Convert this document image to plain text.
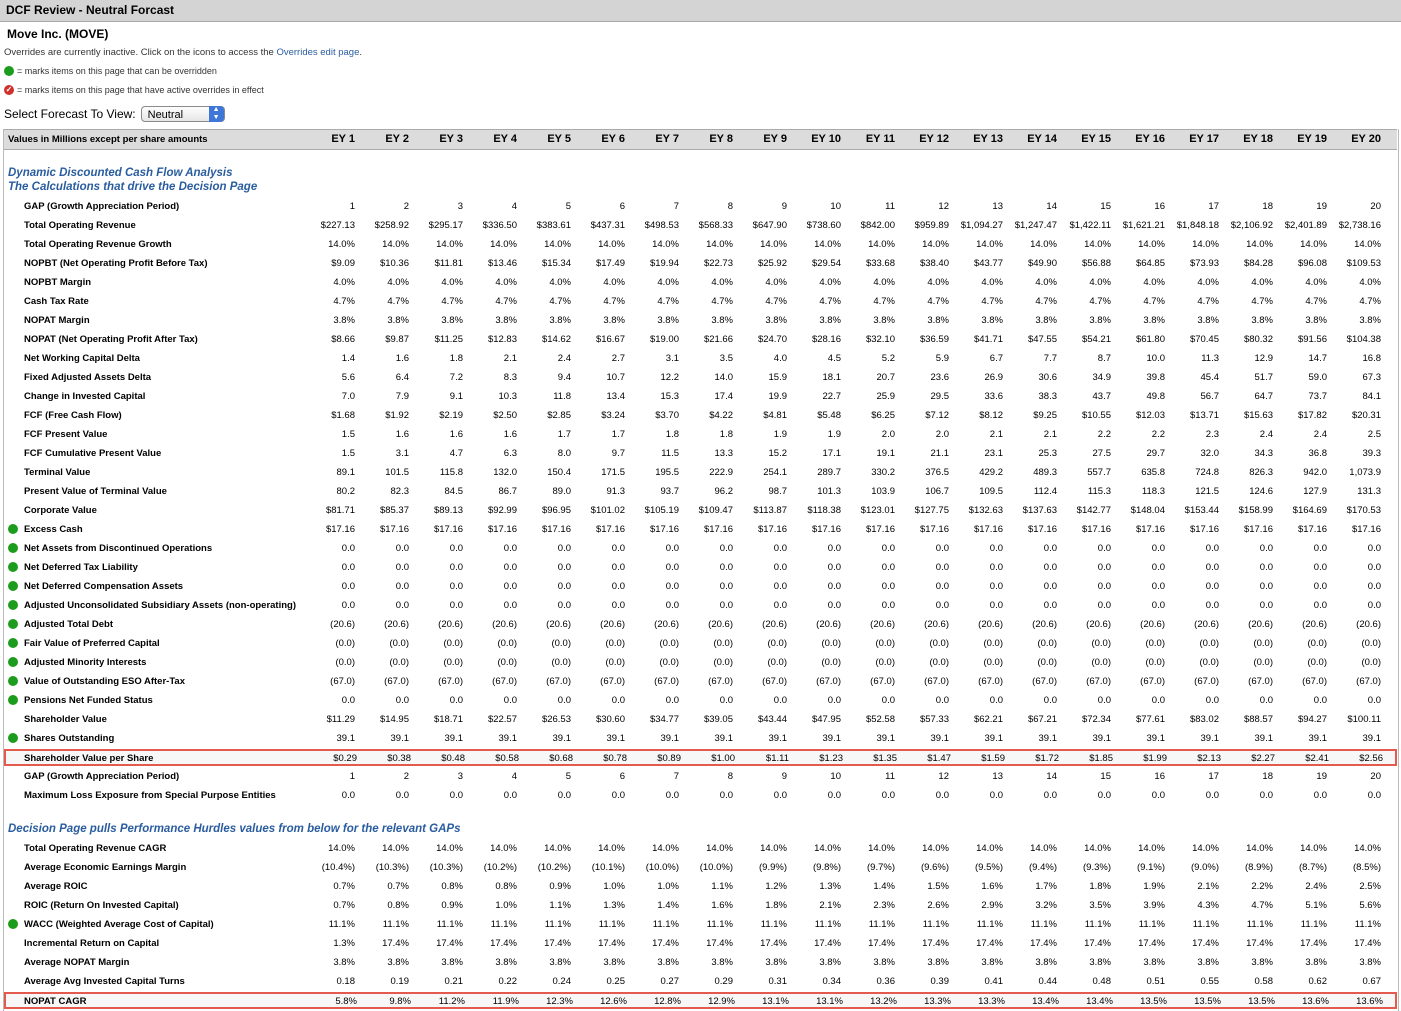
DCF Review - Neutral Forcast
Move Inc. (MOVE)
Overrides are currently inactive. Click on the icons to access the Overrides edit page.
= marks items on this page that can be overridden
✓ = marks items on this page that have active overrides in effect
Select Forecast To View:	Neutral	▲
▼
Values in Millions except per share amounts	EY 1	EY 2	EY 3	EY 4	EY 5	EY 6	EY 7	EY 8	EY 9	EY 10	EY 11	EY 12	EY 13	EY 14	EY 15	EY 16	EY 17	EY 18	EY 19	EY 20
Dynamic Discounted Cash Flow Analysis
The Calculations that drive the Decision Page
GAP (Growth Appreciation Period)	1	2	3	4	5	6	7	8	9	10	11	12	13	14	15	16	17	18	19	20
Total Operating Revenue	$227.13	$258.92	$295.17	$336.50	$383.61	$437.31	$498.53	$568.33	$647.90	$738.60	$842.00	$959.89	$1,094.27	$1,247.47	$1,422.11	$1,621.21	$1,848.18	$2,106.92	$2,401.89	$2,738.16
Total Operating Revenue Growth	14.0%	14.0%	14.0%	14.0%	14.0%	14.0%	14.0%	14.0%	14.0%	14.0%	14.0%	14.0%	14.0%	14.0%	14.0%	14.0%	14.0%	14.0%	14.0%	14.0%
NOPBT (Net Operating Profit Before Tax)	$9.09	$10.36	$11.81	$13.46	$15.34	$17.49	$19.94	$22.73	$25.92	$29.54	$33.68	$38.40	$43.77	$49.90	$56.88	$64.85	$73.93	$84.28	$96.08	$109.53
NOPBT Margin	4.0%	4.0%	4.0%	4.0%	4.0%	4.0%	4.0%	4.0%	4.0%	4.0%	4.0%	4.0%	4.0%	4.0%	4.0%	4.0%	4.0%	4.0%	4.0%	4.0%
Cash Tax Rate	4.7%	4.7%	4.7%	4.7%	4.7%	4.7%	4.7%	4.7%	4.7%	4.7%	4.7%	4.7%	4.7%	4.7%	4.7%	4.7%	4.7%	4.7%	4.7%	4.7%
NOPAT Margin	3.8%	3.8%	3.8%	3.8%	3.8%	3.8%	3.8%	3.8%	3.8%	3.8%	3.8%	3.8%	3.8%	3.8%	3.8%	3.8%	3.8%	3.8%	3.8%	3.8%
NOPAT (Net Operating Profit After Tax)	$8.66	$9.87	$11.25	$12.83	$14.62	$16.67	$19.00	$21.66	$24.70	$28.16	$32.10	$36.59	$41.71	$47.55	$54.21	$61.80	$70.45	$80.32	$91.56	$104.38
Net Working Capital Delta	1.4	1.6	1.8	2.1	2.4	2.7	3.1	3.5	4.0	4.5	5.2	5.9	6.7	7.7	8.7	10.0	11.3	12.9	14.7	16.8
Fixed Adjusted Assets Delta	5.6	6.4	7.2	8.3	9.4	10.7	12.2	14.0	15.9	18.1	20.7	23.6	26.9	30.6	34.9	39.8	45.4	51.7	59.0	67.3
Change in Invested Capital	7.0	7.9	9.1	10.3	11.8	13.4	15.3	17.4	19.9	22.7	25.9	29.5	33.6	38.3	43.7	49.8	56.7	64.7	73.7	84.1
FCF (Free Cash Flow)	$1.68	$1.92	$2.19	$2.50	$2.85	$3.24	$3.70	$4.22	$4.81	$5.48	$6.25	$7.12	$8.12	$9.25	$10.55	$12.03	$13.71	$15.63	$17.82	$20.31
FCF Present Value	1.5	1.6	1.6	1.6	1.7	1.7	1.8	1.8	1.9	1.9	2.0	2.0	2.1	2.1	2.2	2.2	2.3	2.4	2.4	2.5
FCF Cumulative Present Value	1.5	3.1	4.7	6.3	8.0	9.7	11.5	13.3	15.2	17.1	19.1	21.1	23.1	25.3	27.5	29.7	32.0	34.3	36.8	39.3
Terminal Value	89.1	101.5	115.8	132.0	150.4	171.5	195.5	222.9	254.1	289.7	330.2	376.5	429.2	489.3	557.7	635.8	724.8	826.3	942.0	1,073.9
Present Value of Terminal Value	80.2	82.3	84.5	86.7	89.0	91.3	93.7	96.2	98.7	101.3	103.9	106.7	109.5	112.4	115.3	118.3	121.5	124.6	127.9	131.3
Corporate Value	$81.71	$85.37	$89.13	$92.99	$96.95	$101.02	$105.19	$109.47	$113.87	$118.38	$123.01	$127.75	$132.63	$137.63	$142.77	$148.04	$153.44	$158.99	$164.69	$170.53
Excess Cash	$17.16	$17.16	$17.16	$17.16	$17.16	$17.16	$17.16	$17.16	$17.16	$17.16	$17.16	$17.16	$17.16	$17.16	$17.16	$17.16	$17.16	$17.16	$17.16	$17.16
Net Assets from Discontinued Operations	0.0	0.0	0.0	0.0	0.0	0.0	0.0	0.0	0.0	0.0	0.0	0.0	0.0	0.0	0.0	0.0	0.0	0.0	0.0	0.0
Net Deferred Tax Liability	0.0	0.0	0.0	0.0	0.0	0.0	0.0	0.0	0.0	0.0	0.0	0.0	0.0	0.0	0.0	0.0	0.0	0.0	0.0	0.0
Net Deferred Compensation Assets	0.0	0.0	0.0	0.0	0.0	0.0	0.0	0.0	0.0	0.0	0.0	0.0	0.0	0.0	0.0	0.0	0.0	0.0	0.0	0.0
Adjusted Unconsolidated Subsidiary Assets (non-operating)	0.0	0.0	0.0	0.0	0.0	0.0	0.0	0.0	0.0	0.0	0.0	0.0	0.0	0.0	0.0	0.0	0.0	0.0	0.0	0.0
Adjusted Total Debt	(20.6)	(20.6)	(20.6)	(20.6)	(20.6)	(20.6)	(20.6)	(20.6)	(20.6)	(20.6)	(20.6)	(20.6)	(20.6)	(20.6)	(20.6)	(20.6)	(20.6)	(20.6)	(20.6)	(20.6)
Fair Value of Preferred Capital	(0.0)	(0.0)	(0.0)	(0.0)	(0.0)	(0.0)	(0.0)	(0.0)	(0.0)	(0.0)	(0.0)	(0.0)	(0.0)	(0.0)	(0.0)	(0.0)	(0.0)	(0.0)	(0.0)	(0.0)
Adjusted Minority Interests	(0.0)	(0.0)	(0.0)	(0.0)	(0.0)	(0.0)	(0.0)	(0.0)	(0.0)	(0.0)	(0.0)	(0.0)	(0.0)	(0.0)	(0.0)	(0.0)	(0.0)	(0.0)	(0.0)	(0.0)
Value of Outstanding ESO After-Tax	(67.0)	(67.0)	(67.0)	(67.0)	(67.0)	(67.0)	(67.0)	(67.0)	(67.0)	(67.0)	(67.0)	(67.0)	(67.0)	(67.0)	(67.0)	(67.0)	(67.0)	(67.0)	(67.0)	(67.0)
Pensions Net Funded Status	0.0	0.0	0.0	0.0	0.0	0.0	0.0	0.0	0.0	0.0	0.0	0.0	0.0	0.0	0.0	0.0	0.0	0.0	0.0	0.0
Shareholder Value	$11.29	$14.95	$18.71	$22.57	$26.53	$30.60	$34.77	$39.05	$43.44	$47.95	$52.58	$57.33	$62.21	$67.21	$72.34	$77.61	$83.02	$88.57	$94.27	$100.11
Shares Outstanding	39.1	39.1	39.1	39.1	39.1	39.1	39.1	39.1	39.1	39.1	39.1	39.1	39.1	39.1	39.1	39.1	39.1	39.1	39.1	39.1
Shareholder Value per Share	$0.29	$0.38	$0.48	$0.58	$0.68	$0.78	$0.89	$1.00	$1.11	$1.23	$1.35	$1.47	$1.59	$1.72	$1.85	$1.99	$2.13	$2.27	$2.41	$2.56
GAP (Growth Appreciation Period)	1	2	3	4	5	6	7	8	9	10	11	12	13	14	15	16	17	18	19	20
Maximum Loss Exposure from Special Purpose Entities	0.0	0.0	0.0	0.0	0.0	0.0	0.0	0.0	0.0	0.0	0.0	0.0	0.0	0.0	0.0	0.0	0.0	0.0	0.0	0.0
Decision Page pulls Performance Hurdles values from below for the relevant GAPs
Total Operating Revenue CAGR	14.0%	14.0%	14.0%	14.0%	14.0%	14.0%	14.0%	14.0%	14.0%	14.0%	14.0%	14.0%	14.0%	14.0%	14.0%	14.0%	14.0%	14.0%	14.0%	14.0%
Average Economic Earnings Margin	(10.4%)	(10.3%)	(10.3%)	(10.2%)	(10.2%)	(10.1%)	(10.0%)	(10.0%)	(9.9%)	(9.8%)	(9.7%)	(9.6%)	(9.5%)	(9.4%)	(9.3%)	(9.1%)	(9.0%)	(8.9%)	(8.7%)	(8.5%)
Average ROIC	0.7%	0.7%	0.8%	0.8%	0.9%	1.0%	1.0%	1.1%	1.2%	1.3%	1.4%	1.5%	1.6%	1.7%	1.8%	1.9%	2.1%	2.2%	2.4%	2.5%
ROIC (Return On Invested Capital)	0.7%	0.8%	0.9%	1.0%	1.1%	1.3%	1.4%	1.6%	1.8%	2.1%	2.3%	2.6%	2.9%	3.2%	3.5%	3.9%	4.3%	4.7%	5.1%	5.6%
WACC (Weighted Average Cost of Capital)	11.1%	11.1%	11.1%	11.1%	11.1%	11.1%	11.1%	11.1%	11.1%	11.1%	11.1%	11.1%	11.1%	11.1%	11.1%	11.1%	11.1%	11.1%	11.1%	11.1%
Incremental Return on Capital	1.3%	17.4%	17.4%	17.4%	17.4%	17.4%	17.4%	17.4%	17.4%	17.4%	17.4%	17.4%	17.4%	17.4%	17.4%	17.4%	17.4%	17.4%	17.4%	17.4%
Average NOPAT Margin	3.8%	3.8%	3.8%	3.8%	3.8%	3.8%	3.8%	3.8%	3.8%	3.8%	3.8%	3.8%	3.8%	3.8%	3.8%	3.8%	3.8%	3.8%	3.8%	3.8%
Average Avg Invested Capital Turns	0.18	0.19	0.21	0.22	0.24	0.25	0.27	0.29	0.31	0.34	0.36	0.39	0.41	0.44	0.48	0.51	0.55	0.58	0.62	0.67
NOPAT CAGR	5.8%	9.8%	11.2%	11.9%	12.3%	12.6%	12.8%	12.9%	13.1%	13.1%	13.2%	13.3%	13.3%	13.4%	13.4%	13.5%	13.5%	13.5%	13.6%	13.6%
